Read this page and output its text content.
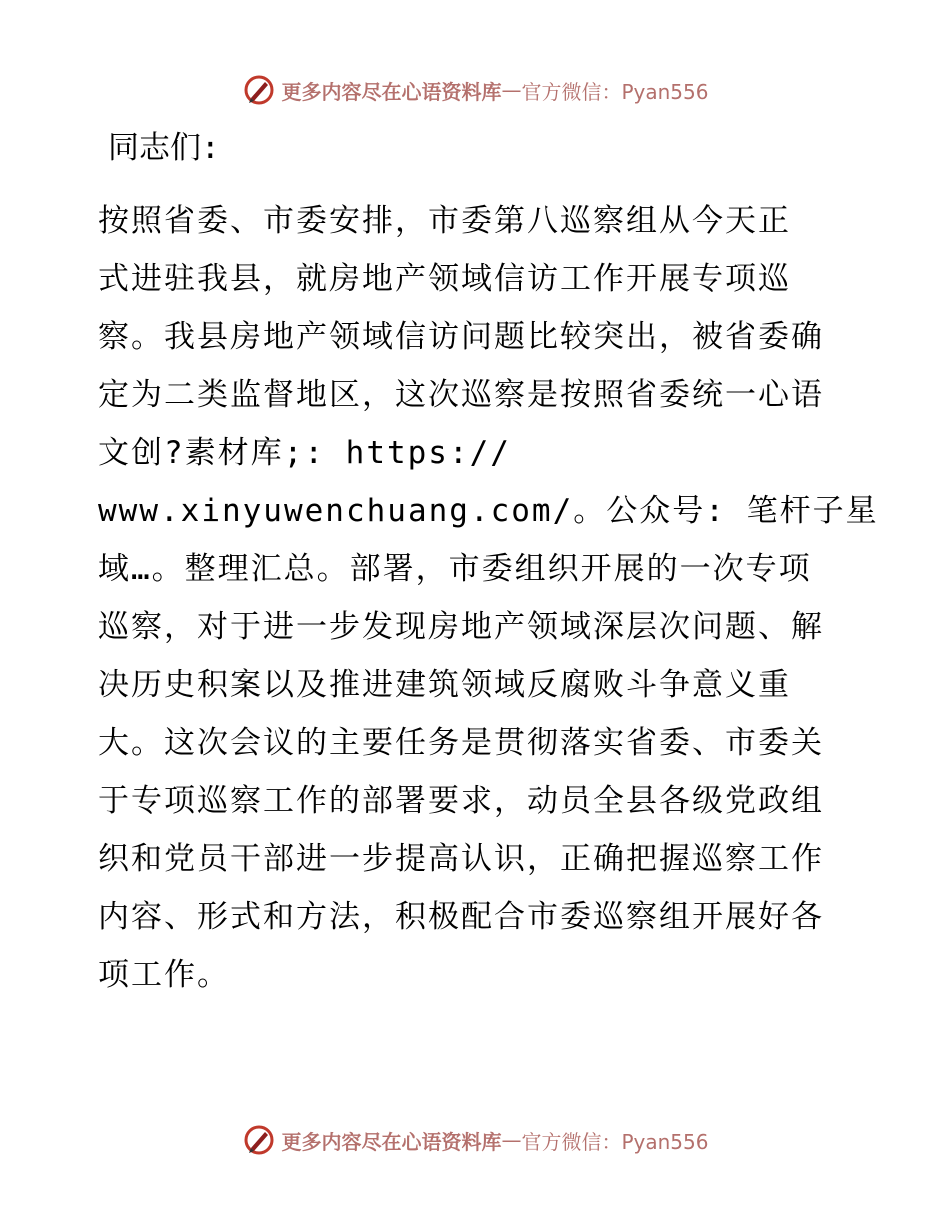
更多内容尽在心语资料库 — 官方微信：Pyan556
同志们:
按照省委、市委安排，市委第八巡察组从今天正
式进驻我县，就房地产领域信访工作开展专项巡
察。我县房地产领域信访问题比较突出，被省委确
定为二类监督地区，这次巡察是按照省委统一心语
文创?素材库;: https://
www.xinyuwenchuang.com/。公众号: 笔杆子星
域…。整理汇总。部署，市委组织开展的一次专项
巡察，对于进一步发现房地产领域深层次问题、解
决历史积案以及推进建筑领域反腐败斗争意义重
大。这次会议的主要任务是贯彻落实省委、市委关
于专项巡察工作的部署要求，动员全县各级党政组
织和党员干部进一步提高认识，正确把握巡察工作
内容、形式和方法，积极配合市委巡察组开展好各
项工作。
更多内容尽在心语资料库 — 官方微信：Pyan556
